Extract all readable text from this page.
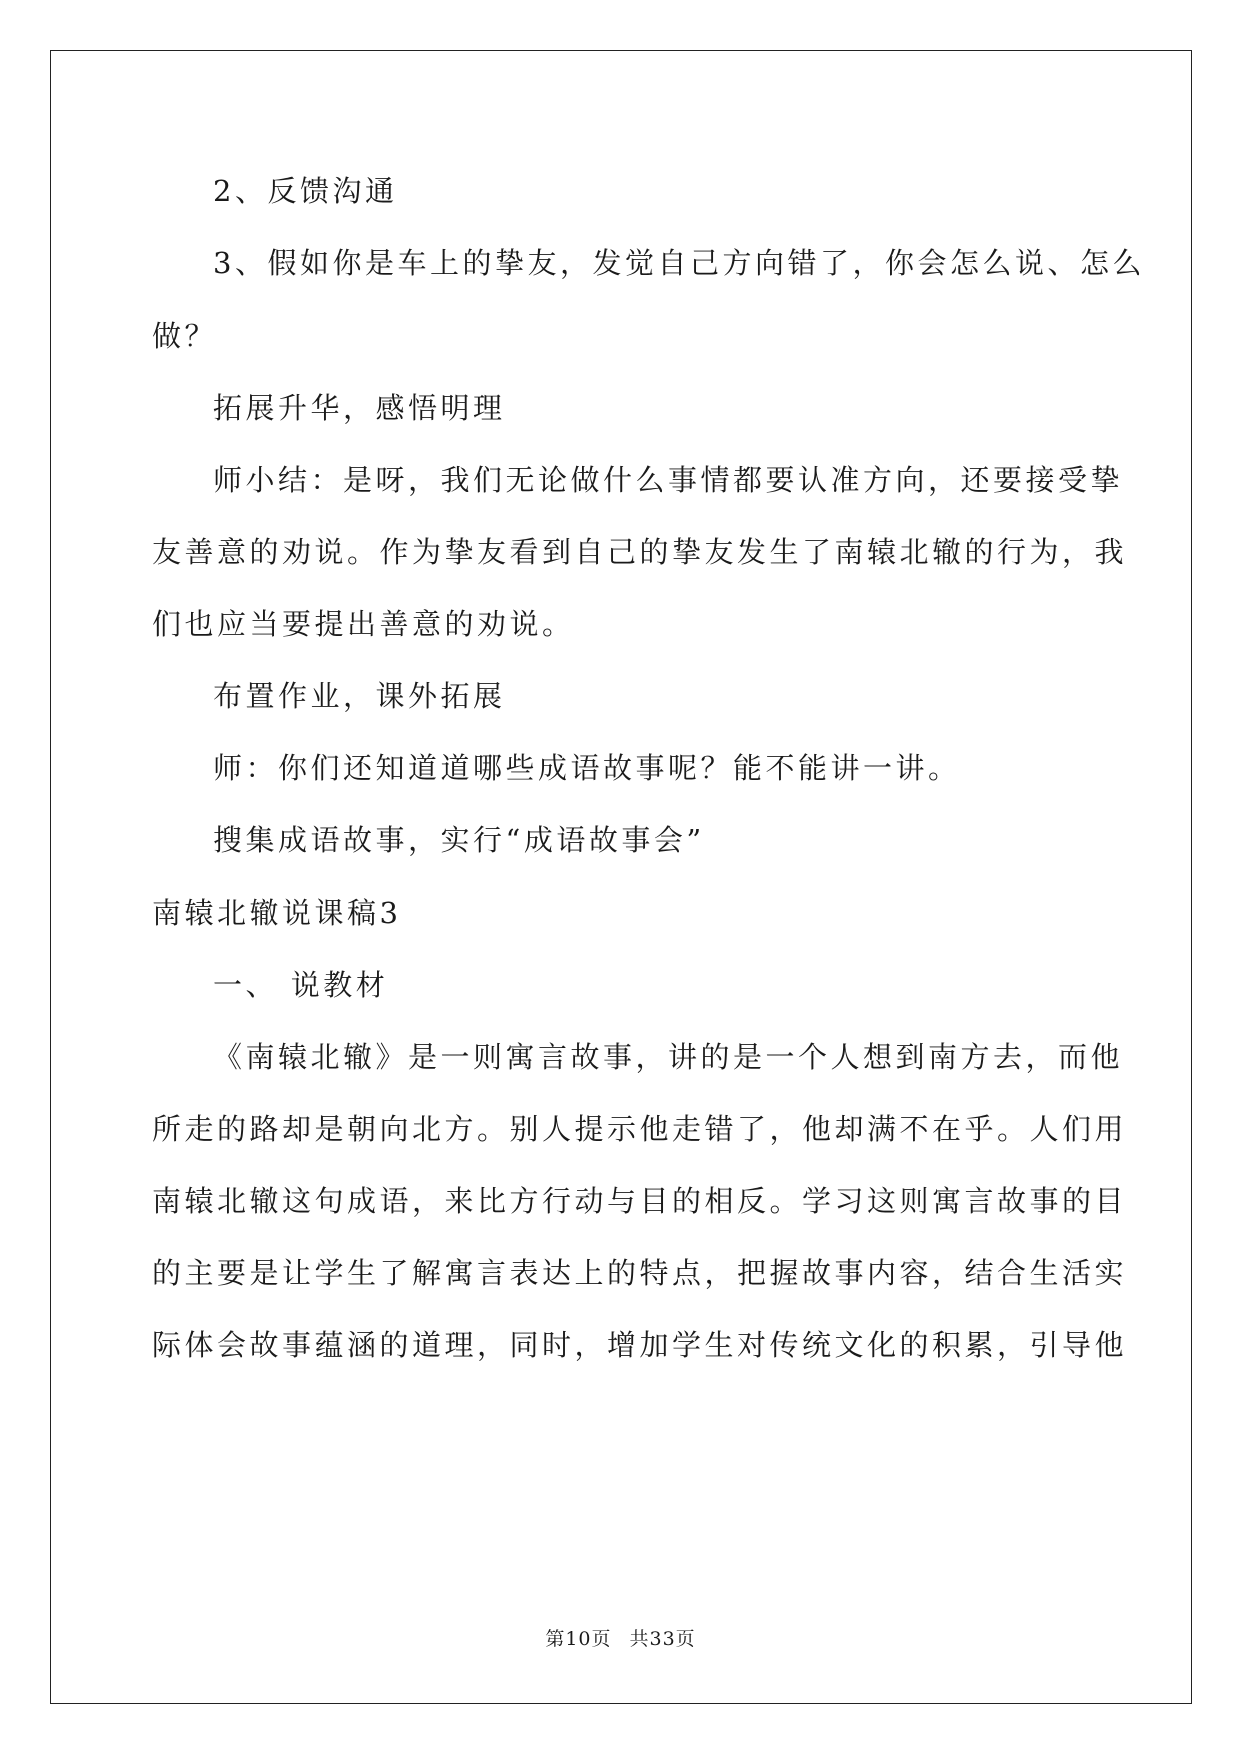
2、反馈沟通
3、假如你是车上的挚友，发觉自己方向错了，你会怎么说、怎么
做？
拓展升华，感悟明理
师小结：是呀，我们无论做什么事情都要认准方向，还要接受挚
友善意的劝说。作为挚友看到自己的挚友发生了南辕北辙的行为，我
们也应当要提出善意的劝说。
布置作业，课外拓展
师：你们还知道道哪些成语故事呢？能不能讲一讲。
搜集成语故事，实行“成语故事会”
南辕北辙说课稿3
一、 说教材
《南辕北辙》是一则寓言故事，讲的是一个人想到南方去，而他
所走的路却是朝向北方。别人提示他走错了，他却满不在乎。人们用
南辕北辙这句成语，来比方行动与目的相反。学习这则寓言故事的目
的主要是让学生了解寓言表达上的特点，把握故事内容，结合生活实
际体会故事蕴涵的道理，同时，增加学生对传统文化的积累，引导他
第10页 共33页
